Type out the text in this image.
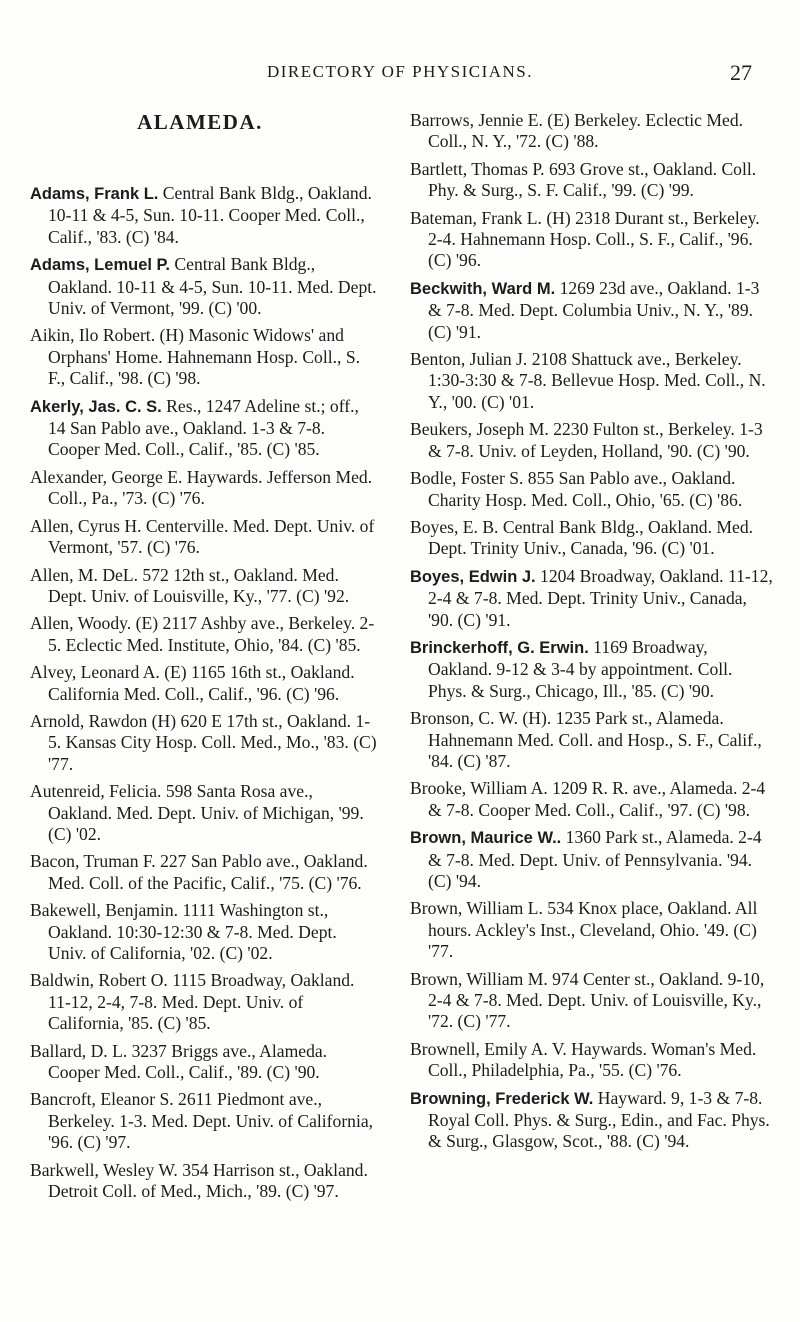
DIRECTORY OF PHYSICIANS.	27
ALAMEDA.

Adams, Frank L. Central Bank Bldg., Oakland. 10-11 & 4-5, Sun. 10-11. Cooper Med. Coll., Calif., '83. (C) '84.

Adams, Lemuel P. Central Bank Bldg., Oakland. 10-11 & 4-5, Sun. 10-11. Med. Dept. Univ. of Vermont, '99. (C) '00.

Aikin, Ilo Robert. (H) Masonic Widows' and Orphans' Home. Hahnemann Hosp. Coll., S. F., Calif., '98. (C) '98.

Akerly, Jas. C. S. Res., 1247 Adeline st.; off., 14 San Pablo ave., Oakland. 1-3 & 7-8. Cooper Med. Coll., Calif., '85. (C) '85.

Alexander, George E. Haywards. Jefferson Med. Coll., Pa., '73. (C) '76.

Allen, Cyrus H. Centerville. Med. Dept. Univ. of Vermont, '57. (C) '76.

Allen, M. DeL. 572 12th st., Oakland. Med. Dept. Univ. of Louisville, Ky., '77. (C) '92.

Allen, Woody. (E) 2117 Ashby ave., Berkeley. 2-5. Eclectic Med. Institute, Ohio, '84. (C) '85.

Alvey, Leonard A. (E) 1165 16th st., Oakland. California Med. Coll., Calif., '96. (C) '96.

Arnold, Rawdon (H) 620 E 17th st., Oakland. 1-5. Kansas City Hosp. Coll. Med., Mo., '83. (C) '77.

Autenreid, Felicia. 598 Santa Rosa ave., Oakland. Med. Dept. Univ. of Michigan, '99. (C) '02.

Bacon, Truman F. 227 San Pablo ave., Oakland. Med. Coll. of the Pacific, Calif., '75. (C) '76.

Bakewell, Benjamin. 1111 Washington st., Oakland. 10:30-12:30 & 7-8. Med. Dept. Univ. of California, '02. (C) '02.

Baldwin, Robert O. 1115 Broadway, Oakland. 11-12, 2-4, 7-8. Med. Dept. Univ. of California, '85. (C) '85.

Ballard, D. L. 3237 Briggs ave., Alameda. Cooper Med. Coll., Calif., '89. (C) '90.

Bancroft, Eleanor S. 2611 Piedmont ave., Berkeley. 1-3. Med. Dept. Univ. of California, '96. (C) '97.

Barkwell, Wesley W. 354 Harrison st., Oakland. Detroit Coll. of Med., Mich., '89. (C) '97.

Barrows, Jennie E. (E) Berkeley. Eclectic Med. Coll., N. Y., '72. (C) '88.

Bartlett, Thomas P. 693 Grove st., Oakland. Coll. Phy. & Surg., S. F. Calif., '99. (C) '99.

Bateman, Frank L. (H) 2318 Durant st., Berkeley. 2-4. Hahnemann Hosp. Coll., S. F., Calif., '96. (C) '96.

Beckwith, Ward M. 1269 23d ave., Oakland. 1-3 & 7-8. Med. Dept. Columbia Univ., N. Y., '89. (C) '91.

Benton, Julian J. 2108 Shattuck ave., Berkeley. 1:30-3:30 & 7-8. Bellevue Hosp. Med. Coll., N. Y., '00. (C) '01.

Beukers, Joseph M. 2230 Fulton st., Berkeley. 1-3 & 7-8. Univ. of Leyden, Holland, '90. (C) '90.

Bodle, Foster S. 855 San Pablo ave., Oakland. Charity Hosp. Med. Coll., Ohio, '65. (C) '86.

Boyes, E. B. Central Bank Bldg., Oakland. Med. Dept. Trinity Univ., Canada, '96. (C) '01.

Boyes, Edwin J. 1204 Broadway, Oakland. 11-12, 2-4 & 7-8. Med. Dept. Trinity Univ., Canada, '90. (C) '91.

Brinckerhoff, G. Erwin. 1169 Broadway, Oakland. 9-12 & 3-4 by appointment. Coll. Phys. & Surg., Chicago, Ill., '85. (C) '90.

Bronson, C. W. (H). 1235 Park st., Alameda. Hahnemann Med. Coll. and Hosp., S. F., Calif., '84. (C) '87.

Brooke, William A. 1209 R. R. ave., Alameda. 2-4 & 7-8. Cooper Med. Coll., Calif., '97. (C) '98.

Brown, Maurice W.. 1360 Park st., Alameda. 2-4 & 7-8. Med. Dept. Univ. of Pennsylvania. '94. (C) '94.

Brown, William L. 534 Knox place, Oakland. All hours. Ackley's Inst., Cleveland, Ohio. '49. (C) '77.

Brown, William M. 974 Center st., Oakland. 9-10, 2-4 & 7-8. Med. Dept. Univ. of Louisville, Ky., '72. (C) '77.

Brownell, Emily A. V. Haywards. Woman's Med. Coll., Philadelphia, Pa., '55. (C) '76.

Browning, Frederick W. Hayward. 9, 1-3 & 7-8. Royal Coll. Phys. & Surg., Edin., and Fac. Phys. & Surg., Glasgow, Scot., '88. (C) '94.
